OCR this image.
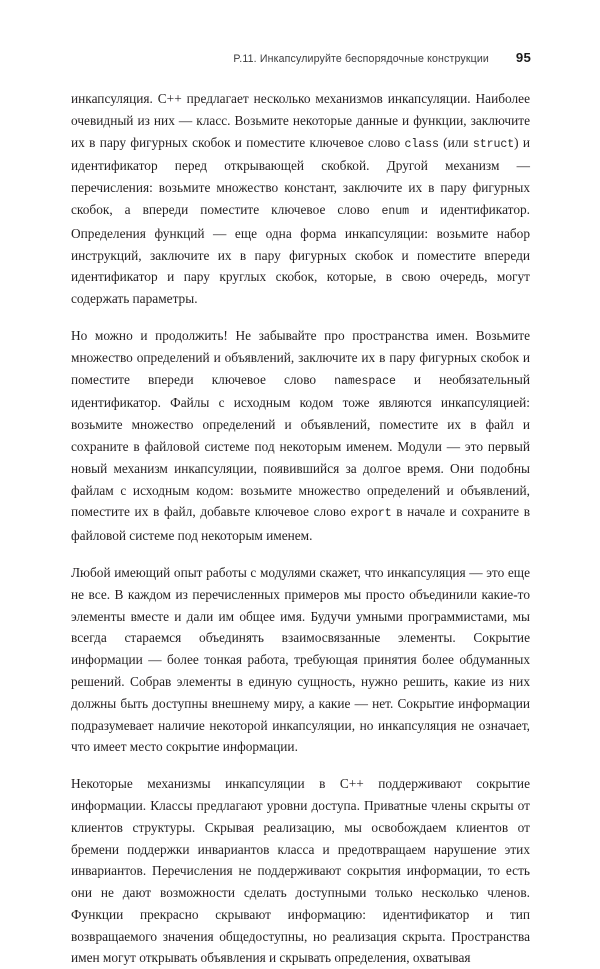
P.11. Инкапсулируйте беспорядочные конструкции	95

инкапсуляция. C++ предлагает несколько механизмов инкапсуляции. Наиболее очевидный из них — класс. Возьмите некоторые данные и функции, заключите их в пару фигурных скобок и поместите ключевое слово class (или struct) и идентификатор перед открывающей скобкой. Другой механизм — перечисления: возьмите множество констант, заключите их в пару фигурных скобок, а впереди поместите ключевое слово enum и идентификатор. Определения функций — еще одна форма инкапсуляции: возьмите набор инструкций, заключите их в пару фигурных скобок и поместите впереди идентификатор и пару круглых скобок, которые, в свою очередь, могут содержать параметры.

Но можно и продолжить! Не забывайте про пространства имен. Возьмите множество определений и объявлений, заключите их в пару фигурных скобок и поместите впереди ключевое слово namespace и необязательный идентификатор. Файлы с исходным кодом тоже являются инкапсуляцией: возьмите множество определений и объявлений, поместите их в файл и сохраните в файловой системе под некоторым именем. Модули — это первый новый механизм инкапсуляции, появившийся за долгое время. Они подобны файлам с исходным кодом: возьмите множество определений и объявлений, поместите их в файл, добавьте ключевое слово export в начале и сохраните в файловой системе под некоторым именем.

Любой имеющий опыт работы с модулями скажет, что инкапсуляция — это еще не все. В каждом из перечисленных примеров мы просто объединили какие-то элементы вместе и дали им общее имя. Будучи умными программистами, мы всегда стараемся объединять взаимосвязанные элементы. Сокрытие информации — более тонкая работа, требующая принятия более обдуманных решений. Собрав элементы в единую сущность, нужно решить, какие из них должны быть доступны внешнему миру, а какие — нет. Сокрытие информации подразумевает наличие некоторой инкапсуляции, но инкапсуляция не означает, что имеет место сокрытие информации.

Некоторые механизмы инкапсуляции в C++ поддерживают сокрытие информации. Классы предлагают уровни доступа. Приватные члены скрыты от клиентов структуры. Скрывая реализацию, мы освобождаем клиентов от бремени поддержки инвариантов класса и предотвращаем нарушение этих инвариантов. Перечисления не поддерживают сокрытия информации, то есть они не дают возможности сделать доступными только несколько членов. Функции прекрасно скрывают информацию: идентификатор и тип возвращаемого значения общедоступны, но реализация скрыта. Пространства имен могут открывать объявления и скрывать определения, охватывая
